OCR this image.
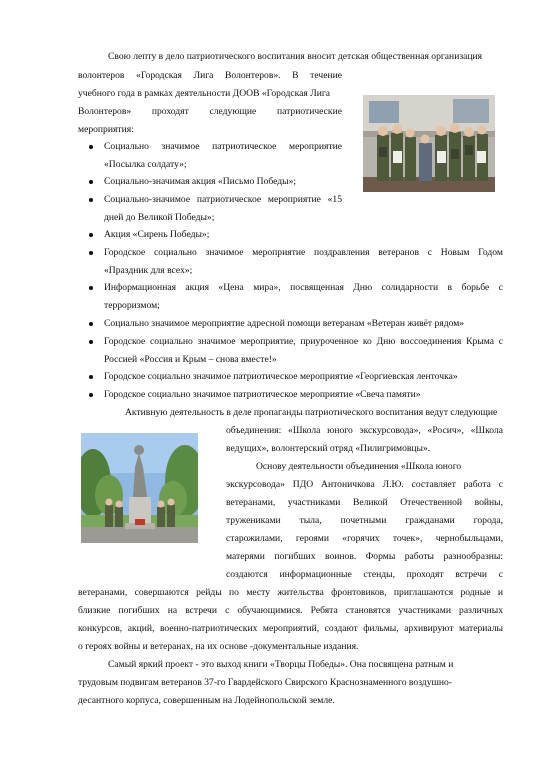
Свою лепту в дело патриотического воспитания вносит детская общественная организация
волонтеров «Городская Лига Волонтеров». В течение
учебного года в рамках деятельности ДООВ «Городская Лига
Волонтеров» проходят следующие патриотические
мероприятия:
Социально значимое патриотическое мероприятие
«Посылка солдату»;
Социально-значимая акция «Письмо Победы»;
Социально-значимое патриотическое мероприятие «15
дней до Великой Победы»;
Акция «Сирень Победы»;
Городское социально значимое мероприятие поздравления ветеранов с Новым Годом
«Праздник для всех»;
Информационная акция «Цена мира», посвященная Дню солидарности в борьбе с
терроризмом;
Социально значимое мероприятие адресной помощи ветеранам «Ветеран живёт рядом»
Городское социально значимое мероприятие, приуроченное ко Дню воссоединения Крыма с
Россией «Россия и Крым – снова вместе!»
Городское социально значимое патриотическое мероприятие «Георгиевская ленточка»
Городское социально значимое патриотическое мероприятие «Свеча памяти»
Активную деятельность в деле пропаганды патриотического воспитания ведут следующие
объединения: «Школа юного экскурсовода», «Росич», «Школа
ведущих», волонтерский отряд «Пилигримовцы».
Основу деятельности объединения «Школа юного
экскурсовода» ПДО Антоничкова Л.Ю. составляет работа с
ветеранами, участниками Великой Отечественной войны,
тружениками тыла, почетными гражданами города,
старожилами, героями «горячих точек», чернобыльцами,
матерями погибших воинов. Формы работы разнообразны:
создаются информационные стенды, проходят встречи с
ветеранами, совершаются рейды по месту жительства фронтовиков, приглашаются родные и
близкие погибших на встречи с обучающимися. Ребята становятся участниками различных
конкурсов, акций, военно-патриотических мероприятий, создают фильмы, архивируют материалы
о героях войны и ветеранах, на их основе -документальные издания.
Самый яркий проект - это выход книги «Творцы Победы». Она посвящена ратным и
трудовым подвигам ветеранов 37-го Гвардейского Свирского Краснознаменного воздушно-
десантного корпуса, совершенным на Лодейнопольской земле.
